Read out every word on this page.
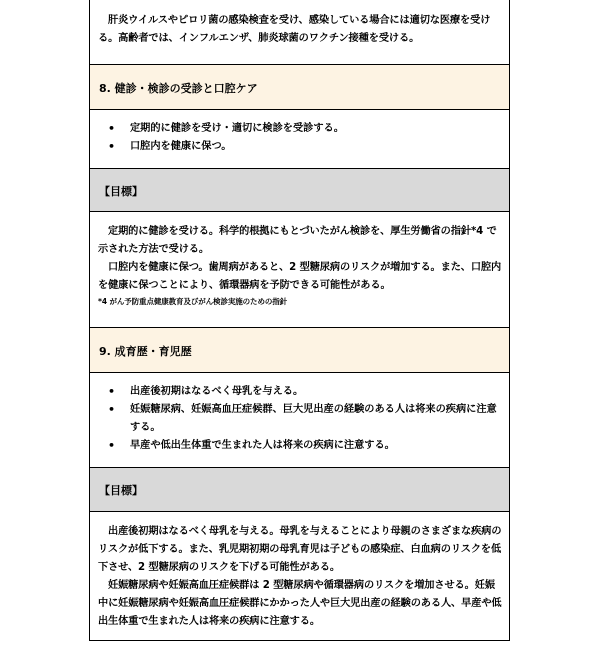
肝炎ウイルスやピロリ菌の感染検査を受け、感染している場合には適切な医療を受ける。高齢者では、インフルエンザ、肺炎球菌のワクチン接種を受ける。

8. 健診・検診の受診と口腔ケア
• 定期的に健診を受け・適切に検診を受診する。
• 口腔内を健康に保つ。
【目標】

定期的に健診を受ける。科学的根拠にもとづいたがん検診を、厚生労働省の指針*4 で示された方法で受ける。

口腔内を健康に保つ。歯周病があると、2 型糖尿病のリスクが増加する。また、口腔内を健康に保つことにより、循環器病を予防できる可能性がある。

*4 がん予防重点健康教育及びがん検診実施のための指針

9. 成育歴・育児歴
• 出産後初期はなるべく母乳を与える。
• 妊娠糖尿病、妊娠高血圧症候群、巨大児出産の経験のある人は将来の疾病に注意する。
• 早産や低出生体重で生まれた人は将来の疾病に注意する。
【目標】

出産後初期はなるべく母乳を与える。母乳を与えることにより母親のさまざまな疾病のリスクが低下する。また、乳児期初期の母乳育児は子どもの感染症、白血病のリスクを低下させ、2 型糖尿病のリスクを下げる可能性がある。

妊娠糖尿病や妊娠高血圧症候群は 2 型糖尿病や循環器病のリスクを増加させる。妊娠中に妊娠糖尿病や妊娠高血圧症候群にかかった人や巨大児出産の経験のある人、早産や低出生体重で生まれた人は将来の疾病に注意する。
